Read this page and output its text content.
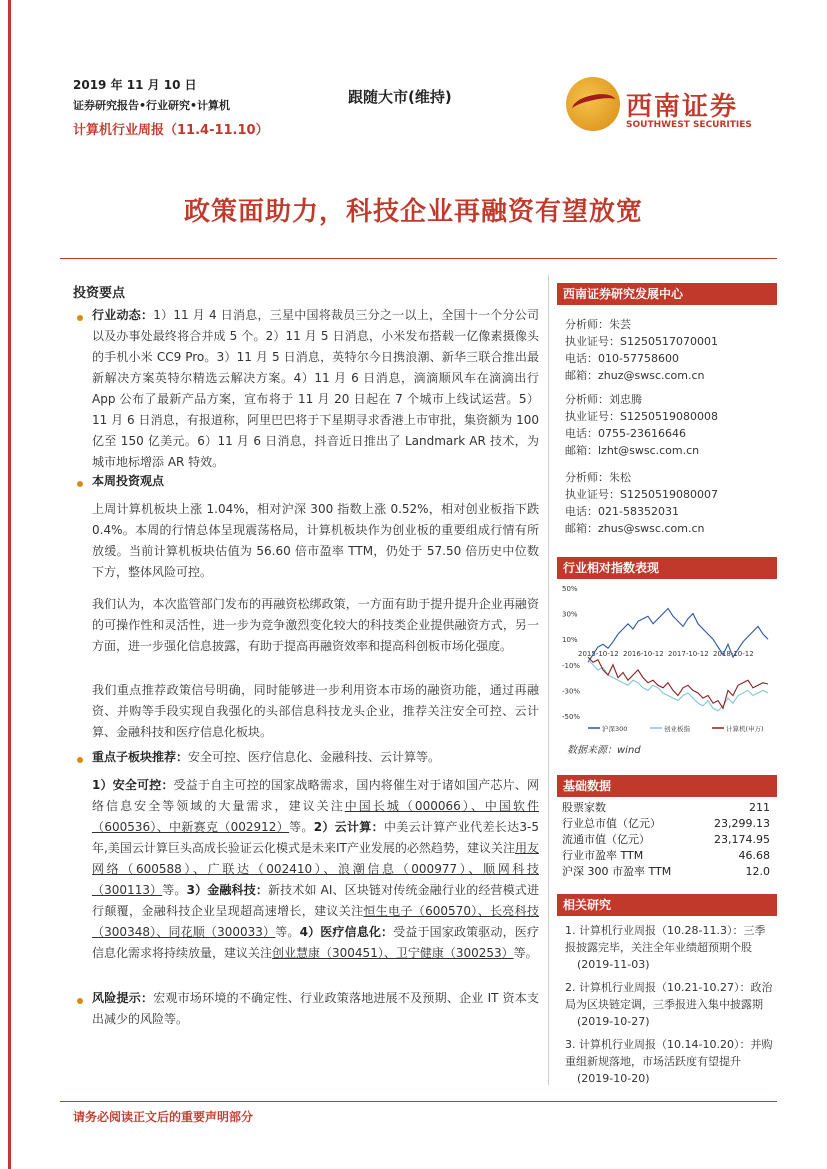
2019 年 11 月 10 日
证券研究报告•行业研究•计算机
计算机行业周报（11.4-11.10）
跟随大市(维持)	西南证券
SOUTHWEST SECURITIES
政策面助力，科技企业再融资有望放宽
投资要点
行业动态：1）11 月 4 日消息，三星中国将裁员三分之一以上，全国十一个分公司以及办事处最终将合并成 5 个。2）11 月 5 日消息，小米发布搭载一亿像素摄像头的手机小米 CC9 Pro。3）11 月 5 日消息，英特尔今日携浪潮、新华三联合推出最新解决方案英特尔精选云解决方案。4）11 月 6 日消息，滴滴顺风车在滴滴出行 App 公布了最新产品方案，宣布将于 11 月 20 日起在 7 个城市上线试运营。5）11 月 6 日消息，有报道称，阿里巴巴将于下星期寻求香港上市审批，集资额为 100 亿至 150 亿美元。6）11 月 6 日消息，抖音近日推出了 Landmark AR 技术，为城市地标增添 AR 特效。
本周投资观点
上周计算机板块上涨 1.04%，相对沪深 300 指数上涨 0.52%，相对创业板指下跌 0.4%。本周的行情总体呈现震荡格局，计算机板块作为创业板的重要组成行情有所放缓。当前计算机板块估值为 56.60 倍市盈率 TTM，仍处于 57.50 倍历史中位数下方，整体风险可控。
我们认为，本次监管部门发布的再融资松绑政策，一方面有助于提升提升企业再融资的可操作性和灵活性，进一步为竞争激烈变化较大的科技类企业提供融资方式，另一方面，进一步强化信息披露，有助于提高再融资效率和提高科创板市场化强度。
我们重点推荐政策信号明确，同时能够进一步利用资本市场的融资功能，通过再融资、并购等手段实现自我强化的头部信息科技龙头企业，推荐关注安全可控、云计算、金融科技和医疗信息化板块。
重点子板块推荐：安全可控、医疗信息化、金融科技、云计算等。
1）安全可控：受益于自主可控的国家战略需求，国内将催生对于诸如国产芯片、网络信息安全等领域的大量需求，建议关注中国长城（000066）、中国软件（600536）、中新赛克（002912）等。2）云计算：中美云计算产业代差长达3-5年,美国云计算巨头高成长验证云化模式是未来IT产业发展的必然趋势，建议关注用友网络（600588）、广联达（002410）、浪潮信息（000977）、顺网科技（300113）等。3）金融科技：新技术如 AI、区块链对传统金融行业的经营模式进行颠覆，金融科技企业呈现超高速增长，建议关注恒生电子（600570）、长亮科技（300348）、同花顺（300033）等。4）医疗信息化：受益于国家政策驱动，医疗信息化需求将持续放量，建议关注创业慧康（300451）、卫宁健康（300253）等。
风险提示：宏观市场环境的不确定性、行业政策落地进展不及预期、企业 IT 资本支出减少的风险等。
西南证券研究发展中心
分析师：朱芸
执业证号：S1250517070001
电话：010-57758600
邮箱：zhuz@swsc.com.cn
分析师：刘忠腾
执业证号：S1250519080008
电话：0755-23616646
邮箱：lzht@swsc.com.cn
分析师：朱松
执业证号：S1250519080007
电话：021-58352031
邮箱：zhus@swsc.com.cn
行业相对指数表现
50%
30%
10%
-10%
-30%
-50%
2015-10-12 2016-10-12 2017-10-12 2018-10-12
沪深300	创业板指	计算机(申万)
数据来源：wind
基础数据
股票家数	211
行业总市值（亿元）	23,299.13
流通市值（亿元）	23,174.95
行业市盈率 TTM	46.68
沪深 300 市盈率 TTM	12.0
相关研究
1. 计算机行业周报（10.28-11.3）：三季报披露完毕，关注全年业绩超预期个股
(2019-11-03)
2. 计算机行业周报（10.21-10.27）：政治局为区块链定调，三季报进入集中披露期
(2019-10-27)
3. 计算机行业周报（10.14-10.20）：并购重组新规落地，市场活跃度有望提升
(2019-10-20)
请务必阅读正文后的重要声明部分
